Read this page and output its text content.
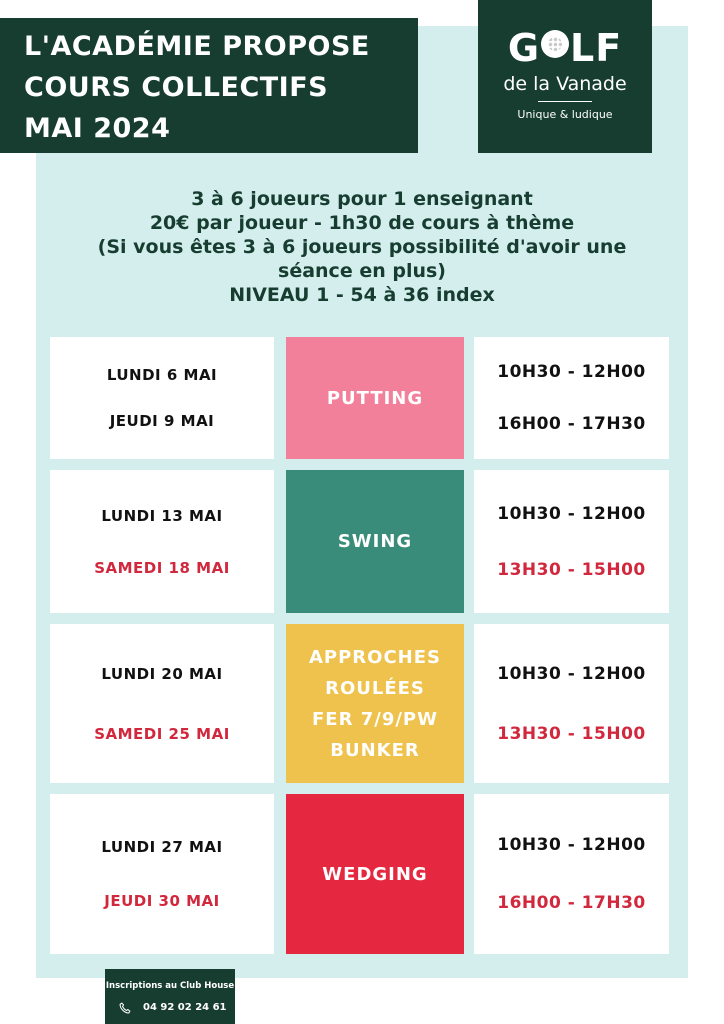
L'ACADÉMIE PROPOSE
COURS COLLECTIFS
MAI 2024
G LF
de la Vanade
Unique & ludique
3 à 6 joueurs pour 1 enseignant
20€ par joueur - 1h30 de cours à thème
(Si vous êtes 3 à 6 joueurs possibilité d'avoir une
séance en plus)
NIVEAU 1 - 54 à 36 index
LUNDI 6 MAI
JEUDI 9 MAI
PUTTING
10H30 - 12H00
16H00 - 17H30
LUNDI 13 MAI
SAMEDI 18 MAI
SWING
10H30 - 12H00
13H30 - 15H00
LUNDI 20 MAI
SAMEDI 25 MAI
APPROCHES
ROULÉES
FER 7/9/PW
BUNKER
10H30 - 12H00
13H30 - 15H00
LUNDI 27 MAI
JEUDI 30 MAI
WEDGING
10H30 - 12H00
16H00 - 17H30
Inscriptions au Club House
04 92 02 24 61
